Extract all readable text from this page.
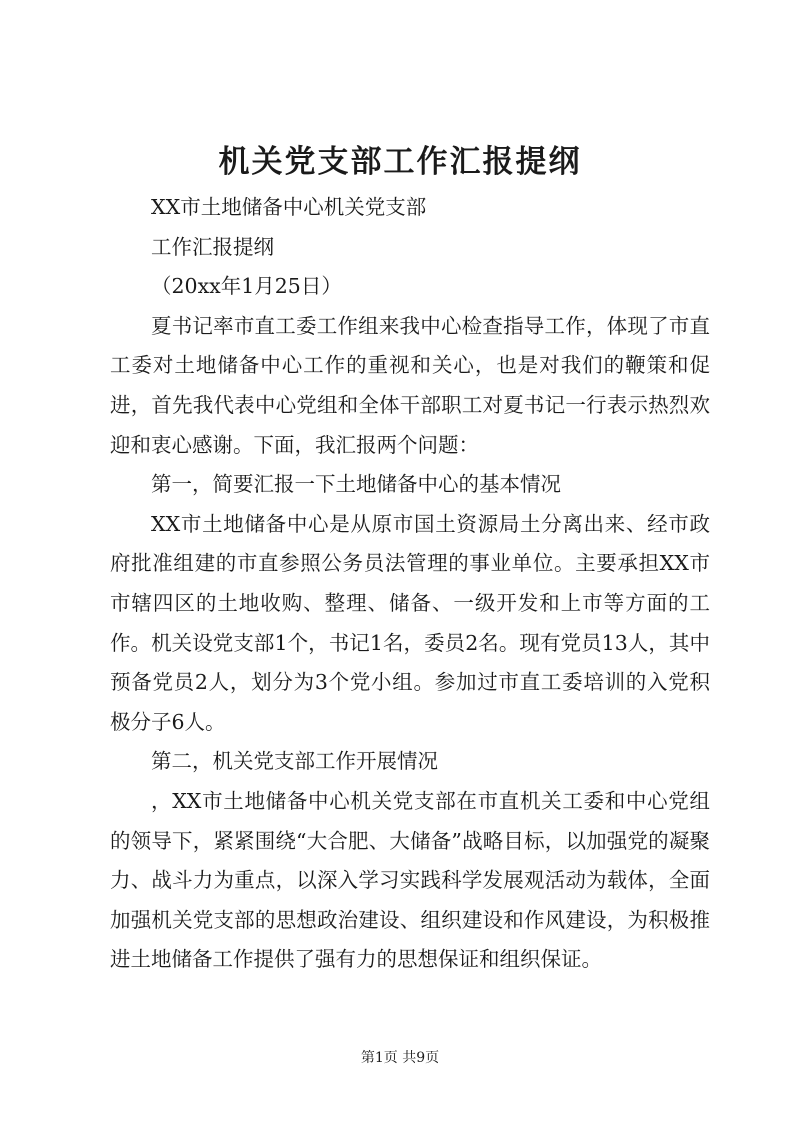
机关党支部工作汇报提纲

XX市土地储备中心机关党支部

工作汇报提纲

（20xx年1月25日）

夏书记率市直工委工作组来我中心检查指导工作，体现了市直工委对土地储备中心工作的重视和关心，也是对我们的鞭策和促进，首先我代表中心党组和全体干部职工对夏书记一行表示热烈欢迎和衷心感谢。下面，我汇报两个问题：

第一，简要汇报一下土地储备中心的基本情况

XX市土地储备中心是从原市国土资源局土分离出来、经市政府批准组建的市直参照公务员法管理的事业单位。主要承担XX市市辖四区的土地收购、整理、储备、一级开发和上市等方面的工作。机关设党支部1个，书记1名，委员2名。现有党员13人，其中预备党员2人，划分为3个党小组。参加过市直工委培训的入党积极分子6人。

第二，机关党支部工作开展情况

，XX市土地储备中心机关党支部在市直机关工委和中心党组的领导下，紧紧围绕“大合肥、大储备”战略目标，以加强党的凝聚力、战斗力为重点，以深入学习实践科学发展观活动为载体，全面加强机关党支部的思想政治建设、组织建设和作风建设，为积极推进土地储备工作提供了强有力的思想保证和组织保证。

第1页 共9页
